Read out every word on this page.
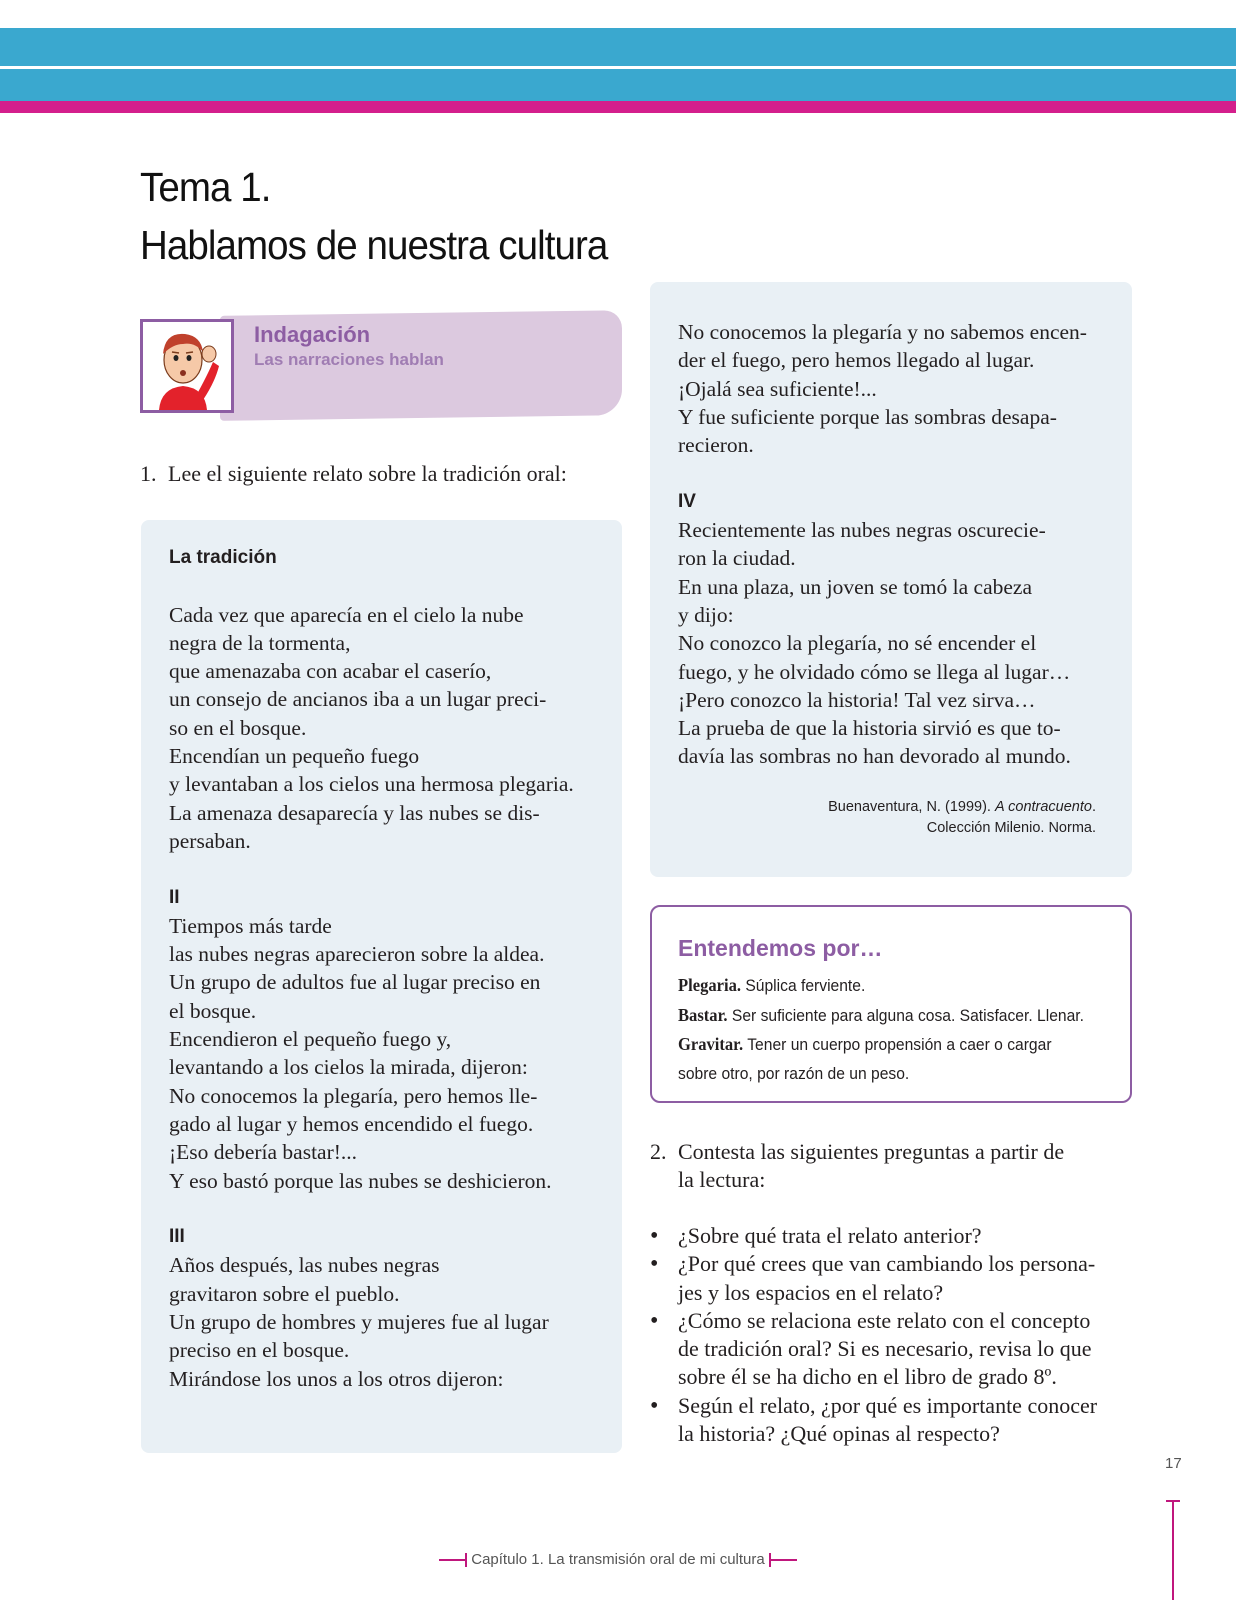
Tema 1.
Hablamos de nuestra cultura
Indagación
Las narraciones hablan
1. Lee el siguiente relato sobre la tradición oral:

La tradición

Cada vez que aparecía en el cielo la nube

negra de la tormenta,

que amenazaba con acabar el caserío,

un consejo de ancianos iba a un lugar preci-

so en el bosque.

Encendían un pequeño fuego

y levantaban a los cielos una hermosa plegaria.

La amenaza desaparecía y las nubes se dis-

persaban.

II

Tiempos más tarde

las nubes negras aparecieron sobre la aldea.

Un grupo de adultos fue al lugar preciso en

el bosque.

Encendieron el pequeño fuego y,

levantando a los cielos la mirada, dijeron:

No conocemos la plegaría, pero hemos lle-

gado al lugar y hemos encendido el fuego.

¡Eso debería bastar!...

Y eso bastó porque las nubes se deshicieron.

III

Años después, las nubes negras

gravitaron sobre el pueblo.

Un grupo de hombres y mujeres fue al lugar

preciso en el bosque.

Mirándose los unos a los otros dijeron:

No conocemos la plegaría y no sabemos encen-

der el fuego, pero hemos llegado al lugar.

¡Ojalá sea suficiente!...

Y fue suficiente porque las sombras desapa-

recieron.

IV

Recientemente las nubes negras oscurecie-

ron la ciudad.

En una plaza, un joven se tomó la cabeza

y dijo:

No conozco la plegaría, no sé encender el

fuego, y he olvidado cómo se llega al lugar…

¡Pero conozco la historia! Tal vez sirva…

La prueba de que la historia sirvió es que to-

davía las sombras no han devorado al mundo.

Buenaventura, N. (1999). A contracuento.
Colección Milenio. Norma.
Entendemos por…

Plegaria. Súplica ferviente.

Bastar. Ser suficiente para alguna cosa. Satisfacer. Llenar.

Gravitar. Tener un cuerpo propensión a caer o cargar

sobre otro, por razón de un peso.

2. Contesta las siguientes preguntas a partir de
la lectura:
• ¿Sobre qué trata el relato anterior?
• ¿Por qué crees que van cambiando los persona-
jes y los espacios en el relato?
• ¿Cómo se relaciona este relato con el concepto
de tradición oral? Si es necesario, revisa lo que
sobre él se ha dicho en el libro de grado 8º.
• Según el relato, ¿por qué es importante conocer
la historia? ¿Qué opinas al respecto?
17
Capítulo 1. La transmisión oral de mi cultura
